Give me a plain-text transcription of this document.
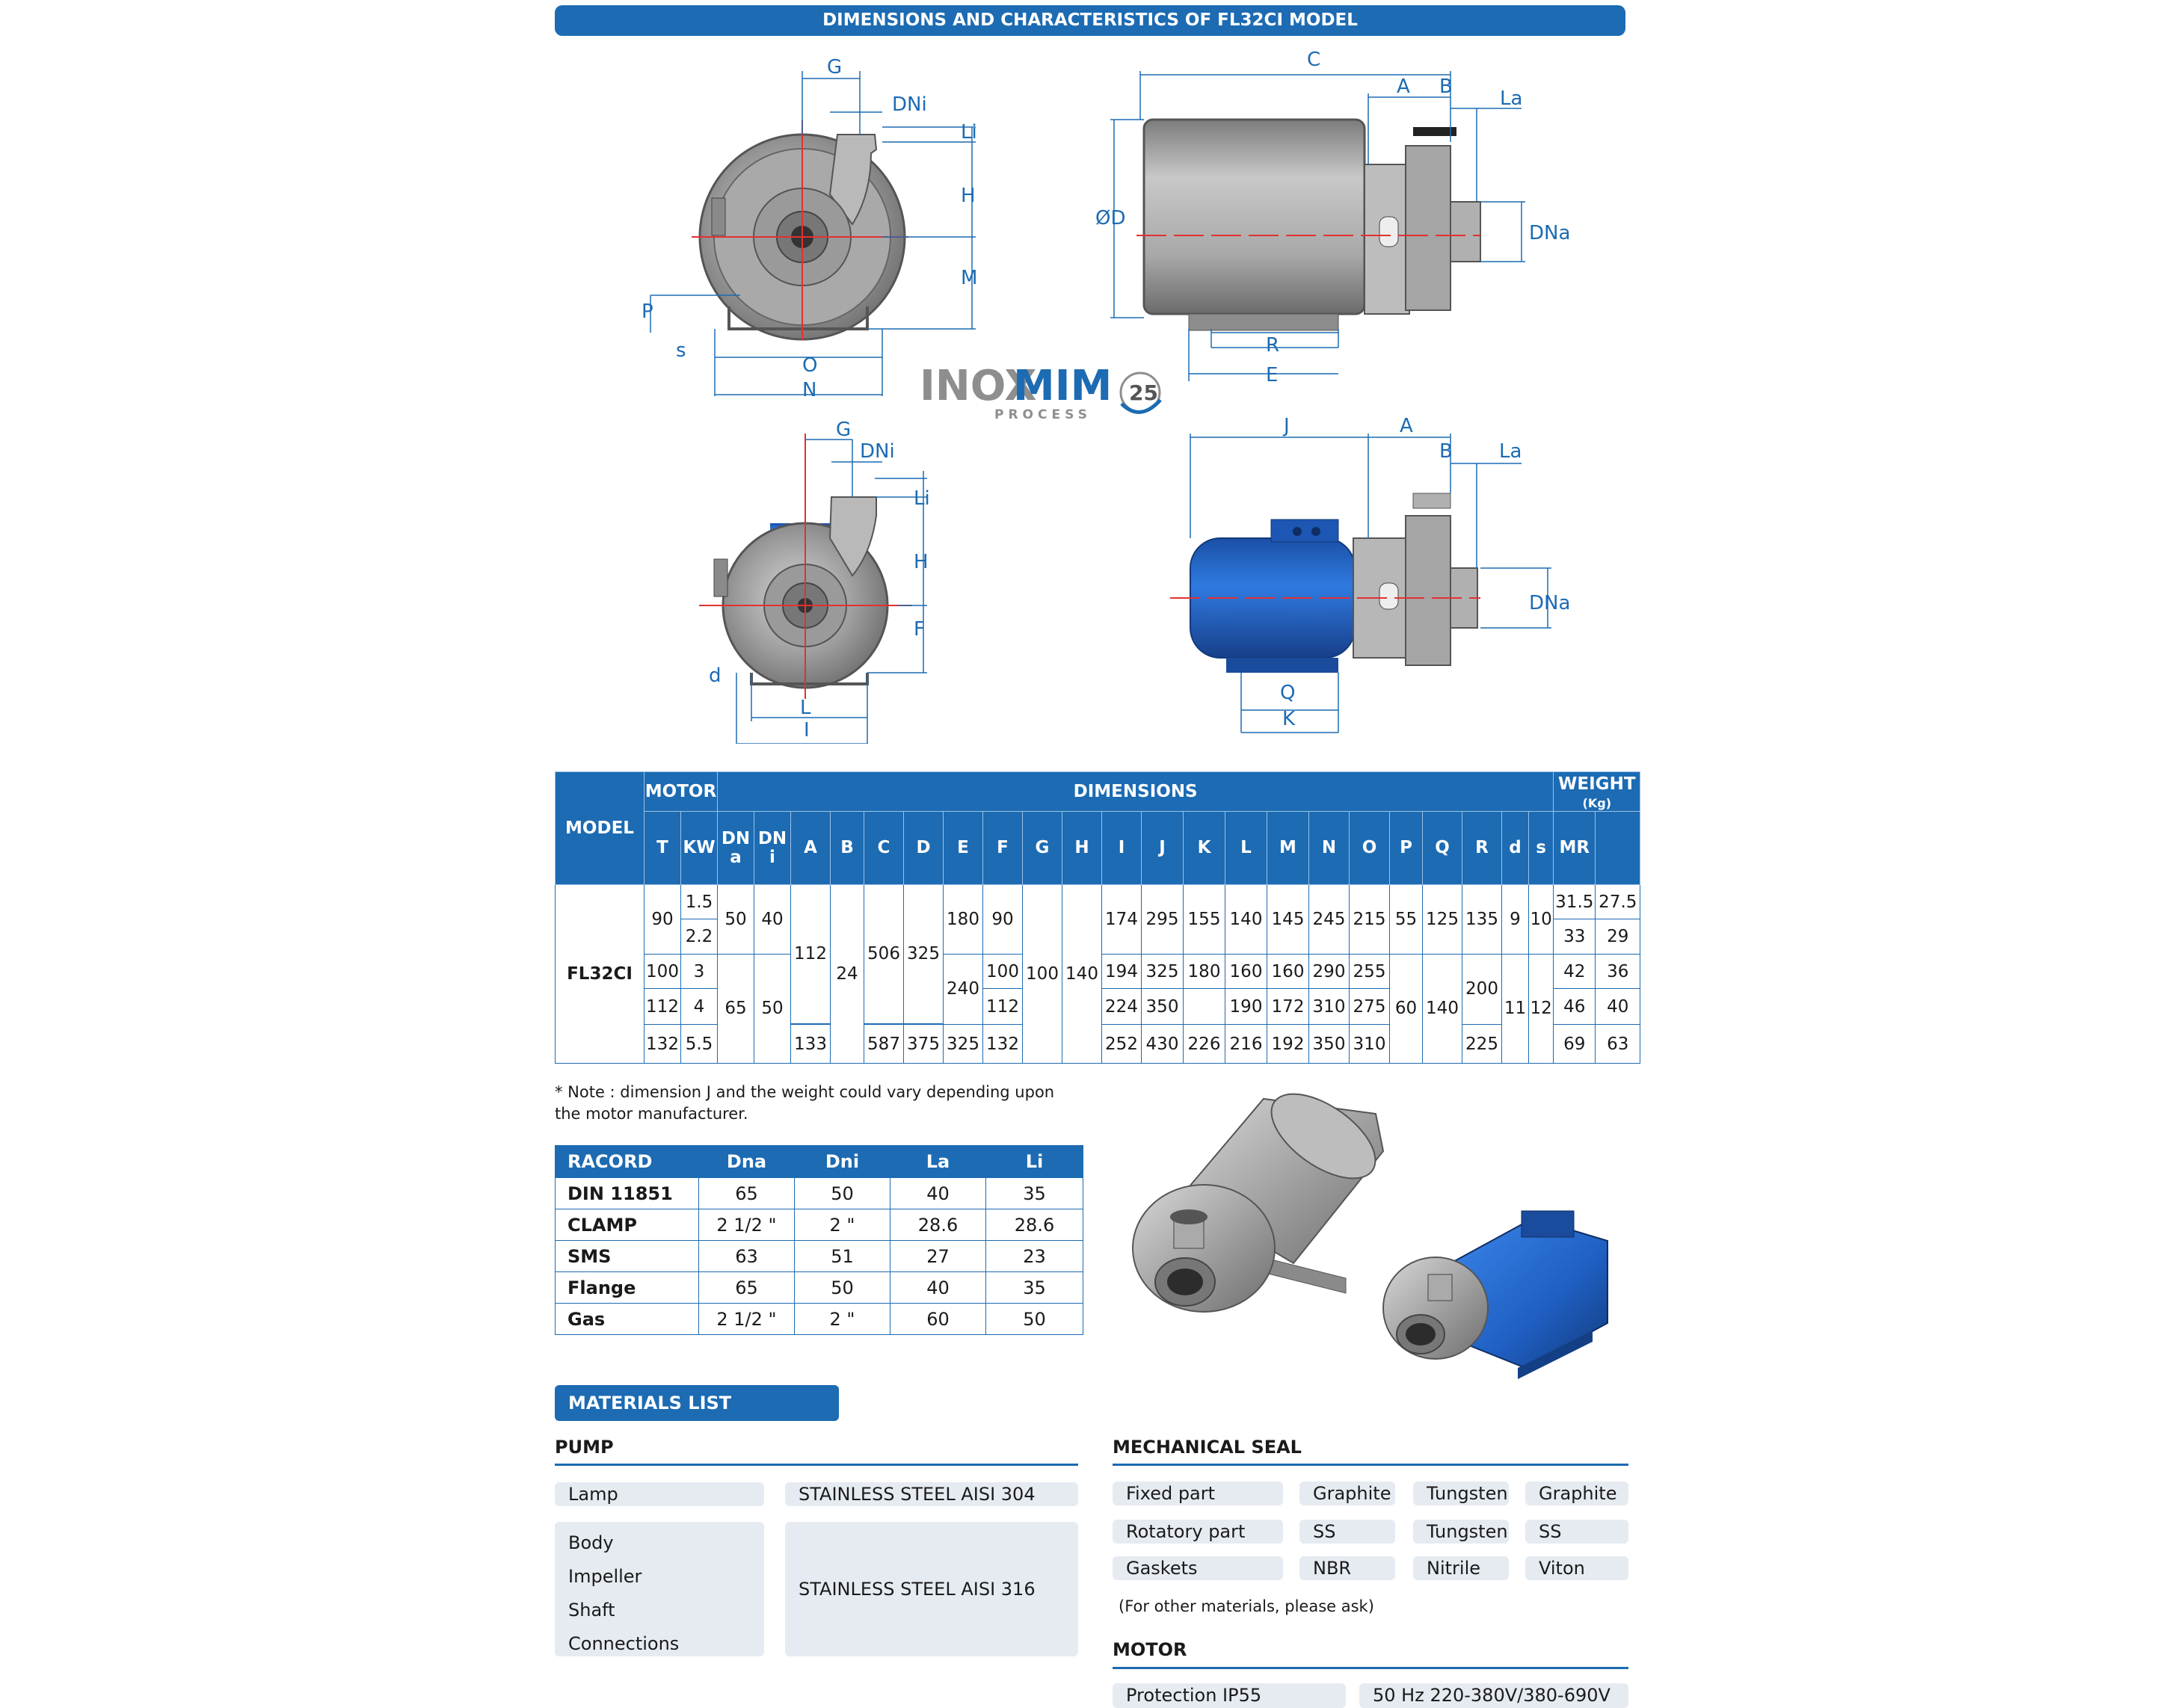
DIMENSIONS AND CHARACTERISTICS OF FL32CI MODEL
G
DNi
Li
H
M
P
s
O
N
C
A B
La
ØD
DNa
R
E
INOX
MIM
PROCESS
25
G
DNi
Li
H
F
d
L
I
J	A
B La
DNa
Q
K
MODEL	MOTOR		DIMENSIONS																						WEIGHT
(Kg)	
	T	KW	DN a	DN i	A	B	C	D	E	F	G	H	I	J	K	L	M	N	O	P	Q	R	d	s	MR	
FL32CI	90	1.5	50	40	112	24	506	325	180	90	100	140	174	295	155	140	145	245	215	55	125	135	9	10	31.5	27.5
		2.2																							33	29
	100	3	65	50					240	100			194	325	180	160	160	290	255	60	140	200	11	12	42	36
	112	4								112			224	350		190	172	310	275						46	40

	132	5.5			133		587	375	325	132			252	430	226	216	192	350	310			225			69	63
* Note : dimension J and the weight could vary depending upon
the motor manufacturer.
RACORD	Dna	Dni	La	Li
DIN 11851	65	50	40	35
CLAMP	2 1/2 "	2 "	28.6	28.6
SMS	63	51	27	23
Flange	65	50	40	35
Gas	2 1/2 "	2 "	60	50
MATERIALS LIST
PUMP
Lamp	STAINLESS STEEL AISI 304
Body
Impeller
Shaft
Connections
STAINLESS STEEL AISI 316
MECHANICAL SEAL
Fixed part	Graphite	Tungsten	Graphite
Rotatory part	SS	Tungsten	SS
Gaskets	NBR	Nitrile	Viton
(For other materials, please ask)
MOTOR
Protection IP55	50 Hz 220-380V/380-690V
